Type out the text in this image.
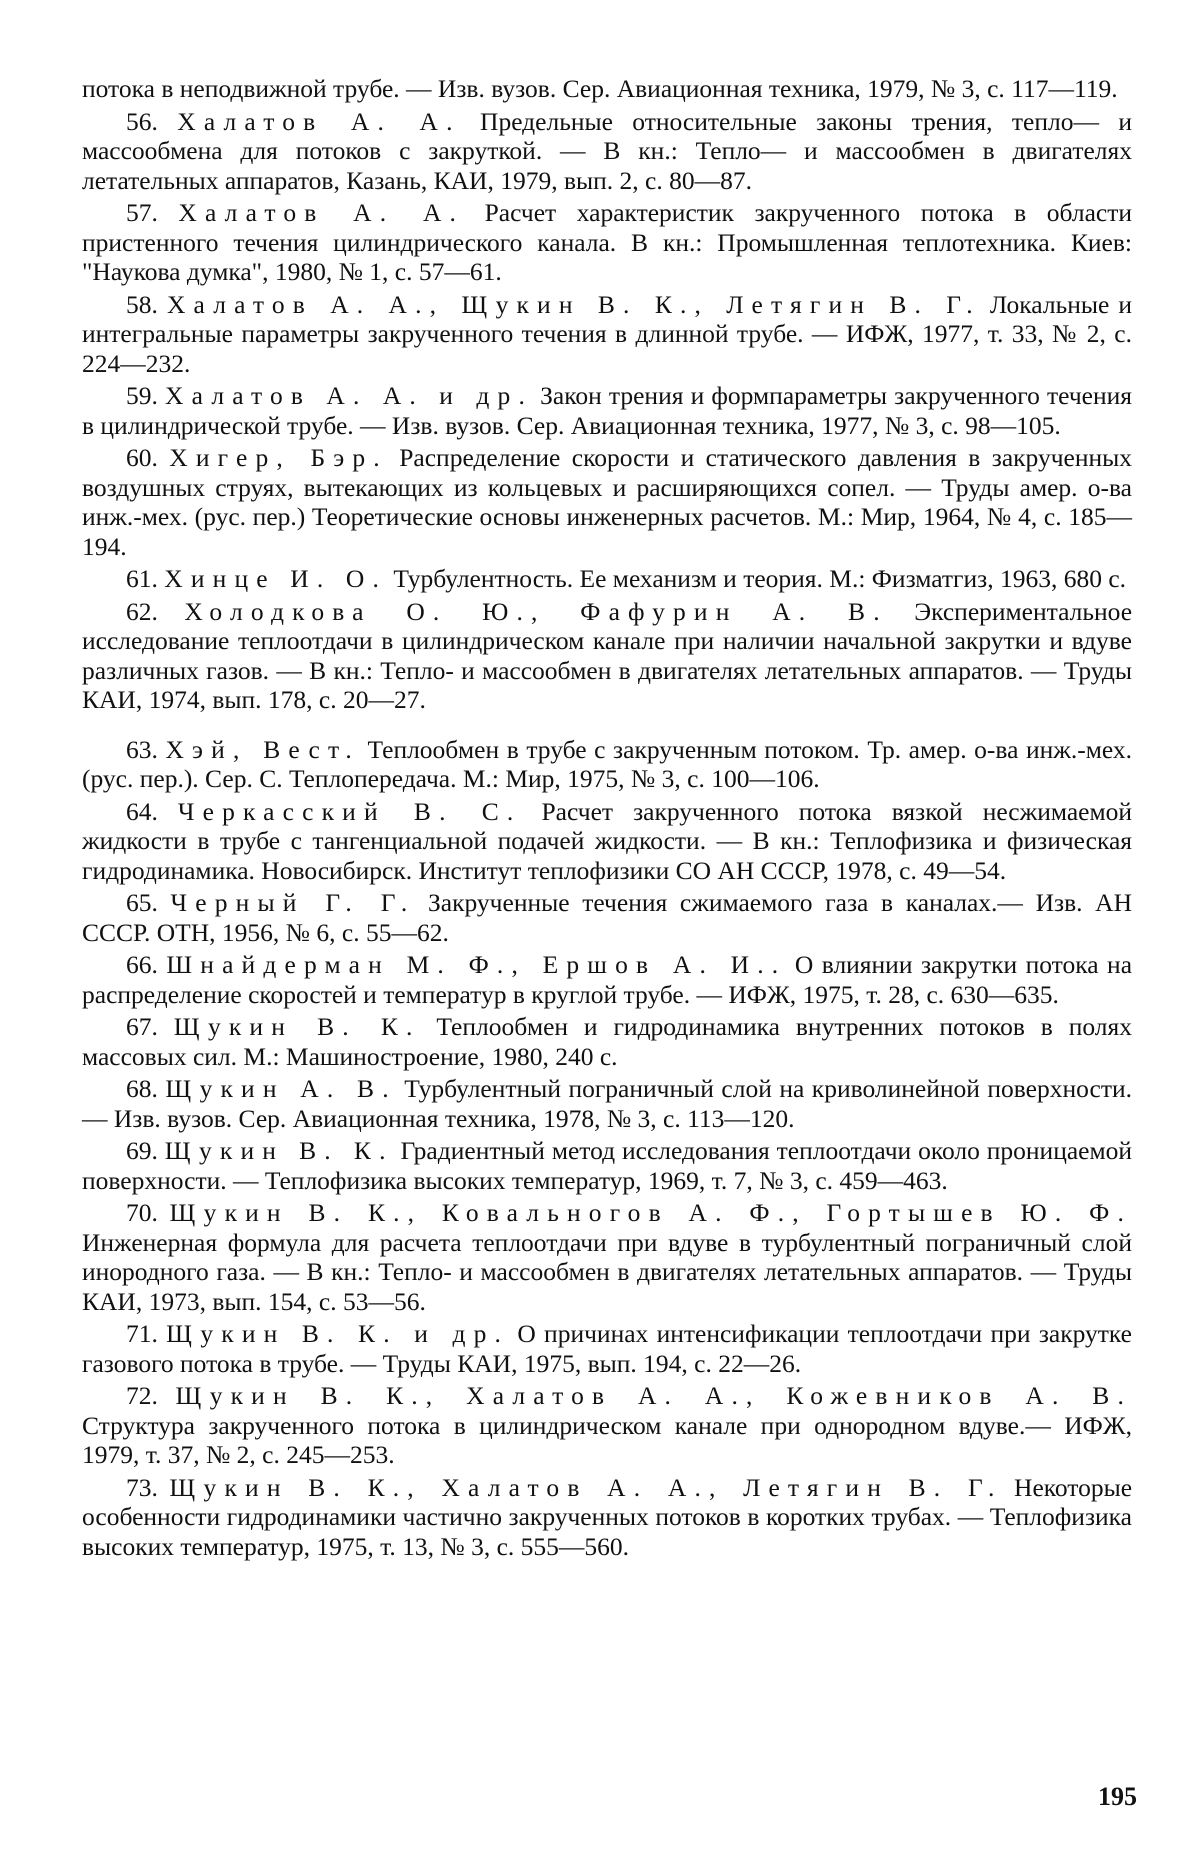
потока в неподвижной трубе. — Изв. вузов. Сер. Авиационная техника, 1979, № 3, с. 117—119.

56. Халатов А. А. Предельные относительные законы трения, тепло— и массообмена для потоков с закруткой. — В кн.: Тепло— и массообмен в двигателях летательных аппаратов, Казань, КАИ, 1979, вып. 2, с. 80—87.

57. Халатов А. А. Расчет характеристик закрученного потока в области пристенного течения цилиндрического канала. В кн.: Промышленная теплотехника. Киев: "Наукова думка", 1980, № 1, с. 57—61.

58. Халатов А. А., Щукин В. К., Летягин В. Г. Локальные и интегральные параметры закрученного течения в длинной трубе. — ИФЖ, 1977, т. 33, № 2, с. 224—232.

59. Халатов А. А. и др. Закон трения и формпараметры закрученного течения в цилиндрической трубе. — Изв. вузов. Сер. Авиационная техника, 1977, № 3, с. 98—105.

60. Хигер, Бэр. Распределение скорости и статического давления в закрученных воздушных струях, вытекающих из кольцевых и расширяющихся сопел. — Труды амер. о-ва инж.-мех. (рус. пер.) Теоретические основы инженерных расчетов. М.: Мир, 1964, № 4, с. 185—194.

61. Хинце И. О. Турбулентность. Ее механизм и теория. М.: Физматгиз, 1963, 680 с.

62. Холодкова О. Ю., Фафурин А. В. Экспериментальное исследование теплоотдачи в цилиндрическом канале при наличии начальной закрутки и вдуве различных газов. — В кн.: Тепло- и массообмен в двигателях летательных аппаратов. — Труды КАИ, 1974, вып. 178, с. 20—27.

63. Хэй, Вест. Теплообмен в трубе с закрученным потоком. Тр. амер. о-ва инж.-мех. (рус. пер.). Сер. С. Теплопередача. М.: Мир, 1975, № 3, с. 100—106.

64. Черкасский В. С. Расчет закрученного потока вязкой несжимаемой жидкости в трубе с тангенциальной подачей жидкости. — В кн.: Теплофизика и физическая гидродинамика. Новосибирск. Институт теплофизики СО АН СССР, 1978, с. 49—54.

65. Черный Г. Г. Закрученные течения сжимаемого газа в каналах.— Изв. АН СССР. ОТН, 1956, № 6, с. 55—62.

66. Шнайдерман М. Ф., Ершов А. И.. О влиянии закрутки потока на распределение скоростей и температур в круглой трубе. — ИФЖ, 1975, т. 28, с. 630—635.

67. Щукин В. К. Теплообмен и гидродинамика внутренних потоков в полях массовых сил. М.: Машиностроение, 1980, 240 с.

68. Щукин А. В. Турбулентный пограничный слой на криволинейной поверхности. — Изв. вузов. Сер. Авиационная техника, 1978, № 3, с. 113—120.

69. Щукин В. К. Градиентный метод исследования теплоотдачи около проницаемой поверхности. — Теплофизика высоких температур, 1969, т. 7, № 3, с. 459—463.

70. Щукин В. К., Ковальногов А. Ф., Гортышев Ю. Ф. Инженерная формула для расчета теплоотдачи при вдуве в турбулентный пограничный слой инородного газа. — В кн.: Тепло- и массообмен в двигателях летательных аппаратов. — Труды КАИ, 1973, вып. 154, с. 53—56.

71. Щукин В. К. и др. О причинах интенсификации теплоотдачи при закрутке газового потока в трубе. — Труды КАИ, 1975, вып. 194, с. 22—26.

72. Щукин В. К., Халатов А. А., Кожевников А. В. Структура закрученного потока в цилиндрическом канале при однородном вдуве.— ИФЖ, 1979, т. 37, № 2, с. 245—253.

73. Щукин В. К., Халатов А. А., Летягин В. Г. Некоторые особенности гидродинамики частично закрученных потоков в коротких трубах. — Теплофизика высоких температур, 1975, т. 13, № 3, с. 555—560.

195
